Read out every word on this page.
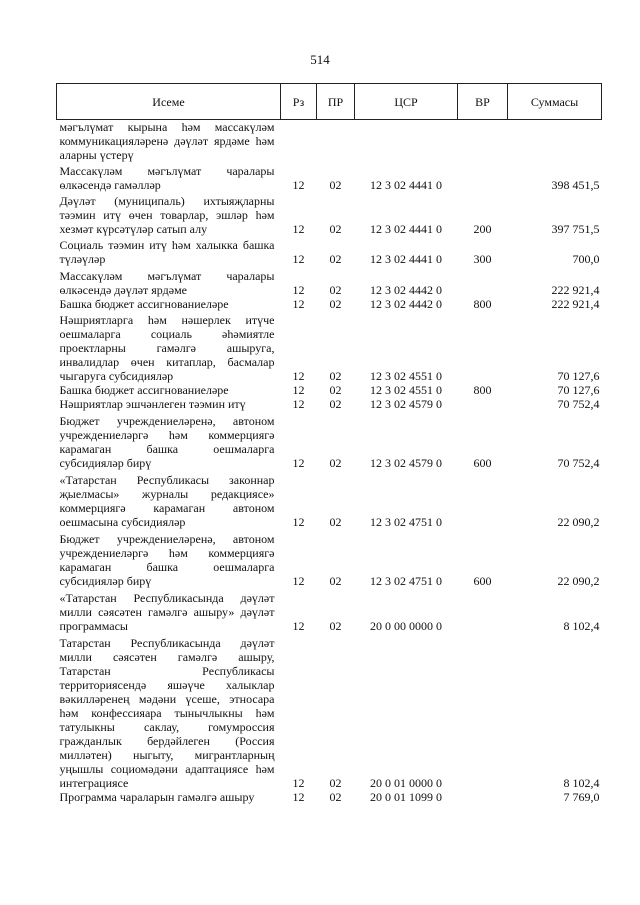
514
Исеме	Рз	ПР	ЦСР	ВР	Суммасы
мәгълүмат кырына һәм массакүләм коммуникацияләренә дәүләт ярдәме һәм аларны үстерү					
Массакүләм мәгълүмат чаралары өлкәсендә гамәлләр	12	02	12 3 02 4441 0		398 451,5
Дәүләт (муниципаль) ихтыяҗларны тәэмин итү өчен товарлар, эшләр һәм хезмәт күрсәтүләр сатып алу	12	02	12 3 02 4441 0	200	397 751,5
Социаль тәэмин итү һәм халыкка башка түләүләр	12	02	12 3 02 4441 0	300	700,0
Массакүләм мәгълүмат чаралары өлкәсендә дәүләт ярдәме	12	02	12 3 02 4442 0		222 921,4
Башка бюджет ассигнованиеләре	12	02	12 3 02 4442 0	800	222 921,4
Нәшриятларга һәм нәшерлек итүче оешмаларга социаль әһәмиятле проектларны гамәлгә ашыруга, инвалидлар өчен китаплар, басмалар чыгаруга субсидияләр	12	02	12 3 02 4551 0		70 127,6
Башка бюджет ассигнованиеләре	12	02	12 3 02 4551 0	800	70 127,6
Нәшриятлар эшчәнлеген тәэмин итү	12	02	12 3 02 4579 0		70 752,4
Бюджет учреждениеләренә, автоном учреждениеләргә һәм коммерциягә карамаган башка оешмаларга субсидияләр бирү	12	02	12 3 02 4579 0	600	70 752,4
«Татарстан Республикасы законнар җыелмасы» журналы редакциясе» коммерциягә карамаган автоном оешмасына субсидияләр	12	02	12 3 02 4751 0		22 090,2
Бюджет учреждениеләренә, автоном учреждениеләргә һәм коммерциягә карамаган башка оешмаларга субсидияләр бирү	12	02	12 3 02 4751 0	600	22 090,2
«Татарстан Республикасында дәүләт милли сәясәтен гамәлгә ашыру» дәүләт программасы	12	02	20 0 00 0000 0		8 102,4
Татарстан Республикасында дәүләт милли сәясәтен гамәлгә ашыру, Татарстан Республикасы территориясендә яшәүче халыклар вәкилләренең мәдәни үсеше, этносара һәм конфессияара тынычлыкны һәм татулыкны саклау, гомумроссия гражданлык бердәйлеген (Россия милләтен) ныгыту, мигрантларның уңышлы социомәдәни адаптациясе һәм интеграциясе	12	02	20 0 01 0000 0		8 102,4
Программа чараларын гамәлгә ашыру	12	02	20 0 01 1099 0		7 769,0
